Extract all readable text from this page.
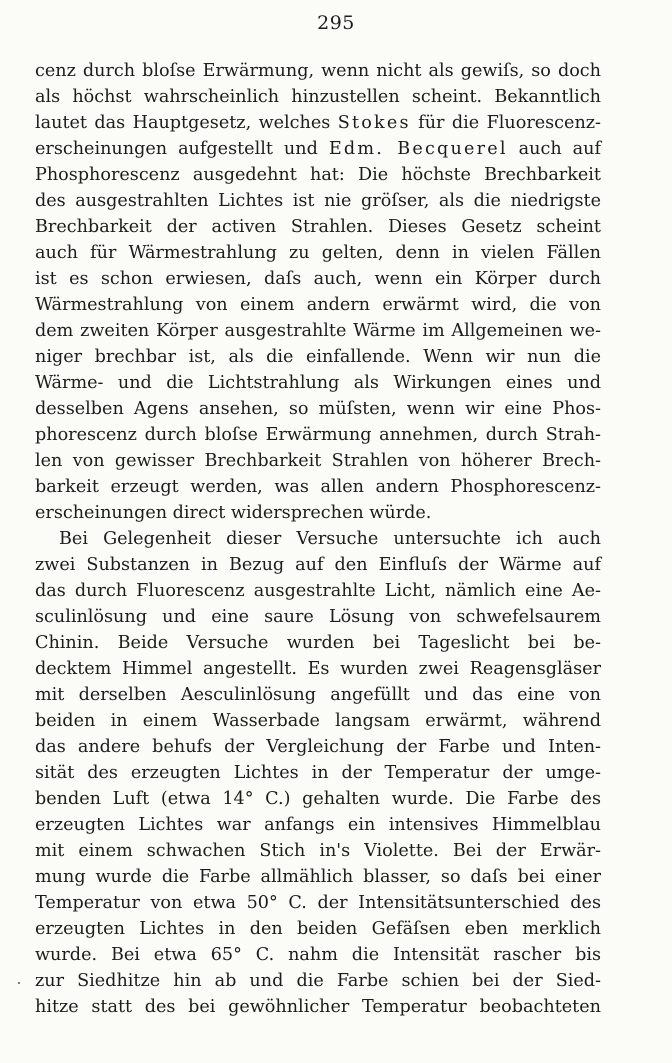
295
cenz durch bloſse Erwärmung, wenn nicht als gewiſs, so doch
als höchst wahrscheinlich hinzustellen scheint. Bekanntlich
lautet das Hauptgesetz, welches Stokes für die Fluorescenz-
erscheinungen aufgestellt und Edm. Becquerel auch auf
Phosphorescenz ausgedehnt hat: Die höchste Brechbarkeit
des ausgestrahlten Lichtes ist nie gröſser, als die niedrigste
Brechbarkeit der activen Strahlen. Dieses Gesetz scheint
auch für Wärmestrahlung zu gelten, denn in vielen Fällen
ist es schon erwiesen, daſs auch, wenn ein Körper durch
Wärmestrahlung von einem andern erwärmt wird, die von
dem zweiten Körper ausgestrahlte Wärme im Allgemeinen we-
niger brechbar ist, als die einfallende. Wenn wir nun die
Wärme- und die Lichtstrahlung als Wirkungen eines und
desselben Agens ansehen, so müſsten, wenn wir eine Phos-
phorescenz durch bloſse Erwärmung annehmen, durch Strah-
len von gewisser Brechbarkeit Strahlen von höherer Brech-
barkeit erzeugt werden, was allen andern Phosphorescenz-
erscheinungen direct widersprechen würde.
Bei Gelegenheit dieser Versuche untersuchte ich auch
zwei Substanzen in Bezug auf den Einfluſs der Wärme auf
das durch Fluorescenz ausgestrahlte Licht, nämlich eine Ae-
sculinlösung und eine saure Lösung von schwefelsaurem
Chinin. Beide Versuche wurden bei Tageslicht bei be-
decktem Himmel angestellt. Es wurden zwei Reagensgläser
mit derselben Aesculinlösung angefüllt und das eine von
beiden in einem Wasserbade langsam erwärmt, während
das andere behufs der Vergleichung der Farbe und Inten-
sität des erzeugten Lichtes in der Temperatur der umge-
benden Luft (etwa 14° C.) gehalten wurde. Die Farbe des
erzeugten Lichtes war anfangs ein intensives Himmelblau
mit einem schwachen Stich in's Violette. Bei der Erwär-
mung wurde die Farbe allmählich blasser, so daſs bei einer
Temperatur von etwa 50° C. der Intensitätsunterschied des
erzeugten Lichtes in den beiden Gefäſsen eben merklich
wurde. Bei etwa 65° C. nahm die Intensität rascher bis
zur Siedhitze hin ab und die Farbe schien bei der Sied-
hitze statt des bei gewöhnlicher Temperatur beobachteten
